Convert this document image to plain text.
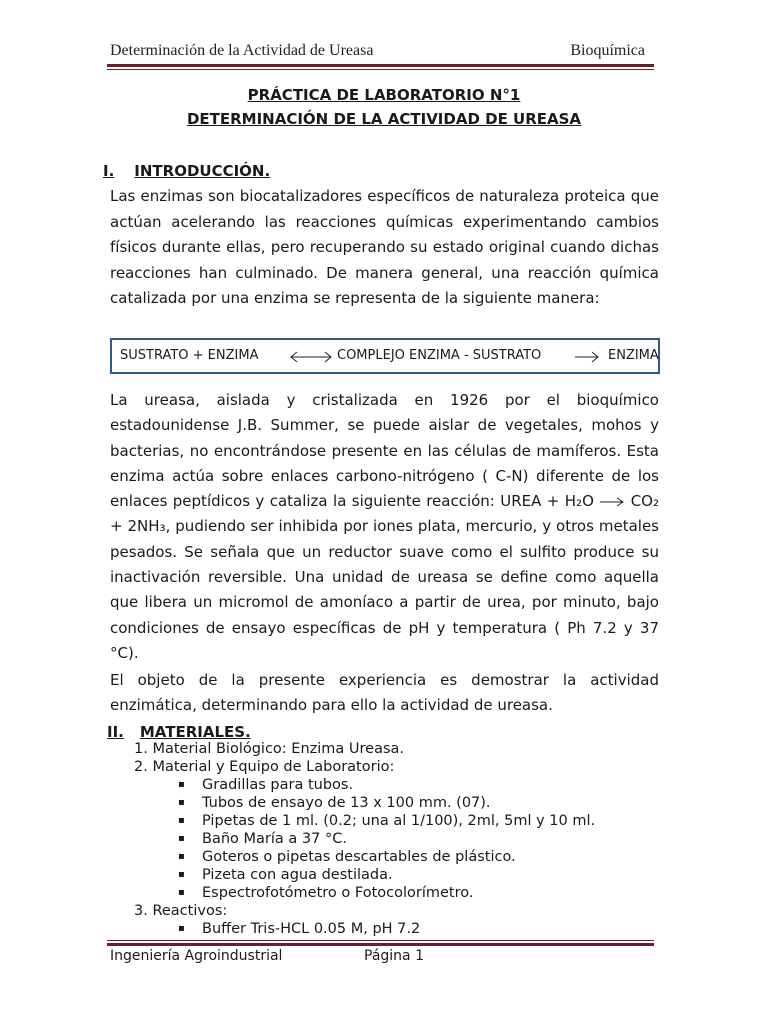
Determinación de la Actividad de Ureasa	Bioquímica
PRÁCTICA DE LABORATORIO N°1
DETERMINACIÓN DE LA ACTIVIDAD DE UREASA
I. INTRODUCCIÓN.

Las enzimas son biocatalizadores específicos de naturaleza proteica que actúan acelerando las reacciones químicas experimentando cambios físicos durante ellas, pero recuperando su estado original cuando dichas reacciones han culminado. De manera general, una reacción química catalizada por una enzima se representa de la siguiente manera:

SUSTRATO + ENZIMA	COMPLEJO ENZIMA - SUSTRATO	ENZIMA

La ureasa, aislada y cristalizada en 1926 por el bioquímico estadounidense J.B. Summer, se puede aislar de vegetales, mohos y bacterias, no encontrándose presente en las células de mamíferos. Esta enzima actúa sobre enlaces carbono-nitrógeno ( C-N) diferente de los enlaces peptídicos y cataliza la siguiente reacción: UREA + H₂O → CO₂ + 2NH₃, pudiendo ser inhibida por iones plata, mercurio, y otros metales pesados. Se señala que un reductor suave como el sulfito produce su inactivación reversible. Una unidad de ureasa se define como aquella que libera un micromol de amoníaco a partir de urea, por minuto, bajo condiciones de ensayo específicas de pH y temperatura ( Ph 7.2 y 37 °C).

El objeto de la presente experiencia es demostrar la actividad enzimática, determinando para ello la actividad de ureasa.

II. MATERIALES.
1. Material Biológico: Enzima Ureasa.
2. Material y Equipo de Laboratorio:
▪ Gradillas para tubos.
▪ Tubos de ensayo de 13 x 100 mm. (07).
▪ Pipetas de 1 ml. (0.2; una al 1/100), 2ml, 5ml y 10 ml.
▪ Baño María a 37 °C.
▪ Goteros o pipetas descartables de plástico.
▪ Pizeta con agua destilada.
▪ Espectrofotómetro o Fotocolorímetro.
3. Reactivos:
▪ Buffer Tris-HCL 0.05 M, pH 7.2
Ingeniería Agroindustrial	Página 1
